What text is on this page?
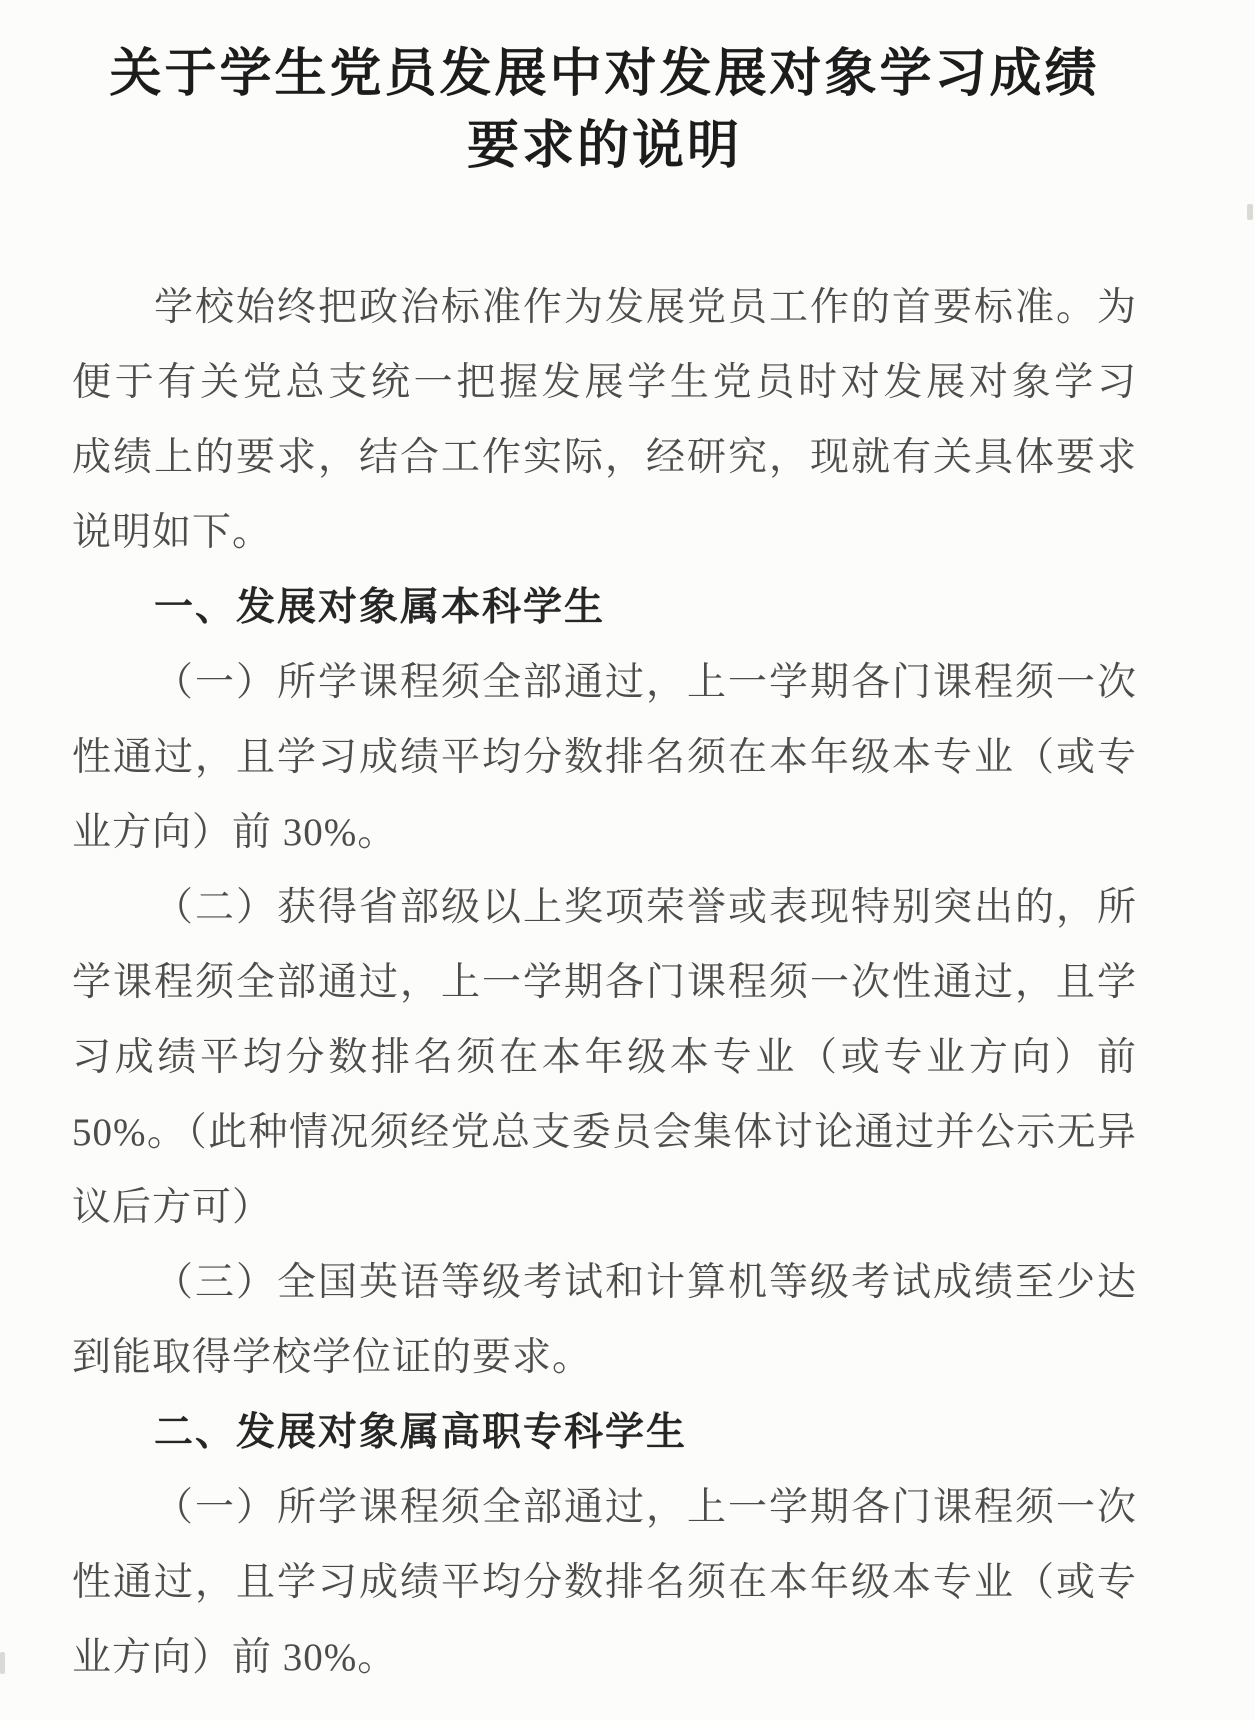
关于学生党员发展中对发展对象学习成绩
要求的说明
学校始终把政治标准作为发展党员工作的首要标准。为
便于有关党总支统一把握发展学生党员时对发展对象学习
成绩上的要求，结合工作实际，经研究，现就有关具体要求
说明如下。
一、发展对象属本科学生
（一）所学课程须全部通过，上一学期各门课程须一次
性通过，且学习成绩平均分数排名须在本年级本专业（或专
业方向）前 30%。
（二）获得省部级以上奖项荣誉或表现特别突出的，所
学课程须全部通过，上一学期各门课程须一次性通过，且学
习成绩平均分数排名须在本年级本专业（或专业方向）前
50%。（此种情况须经党总支委员会集体讨论通过并公示无异
议后方可）
（三）全国英语等级考试和计算机等级考试成绩至少达
到能取得学校学位证的要求。
二、发展对象属高职专科学生
（一）所学课程须全部通过，上一学期各门课程须一次
性通过，且学习成绩平均分数排名须在本年级本专业（或专
业方向）前 30%。
